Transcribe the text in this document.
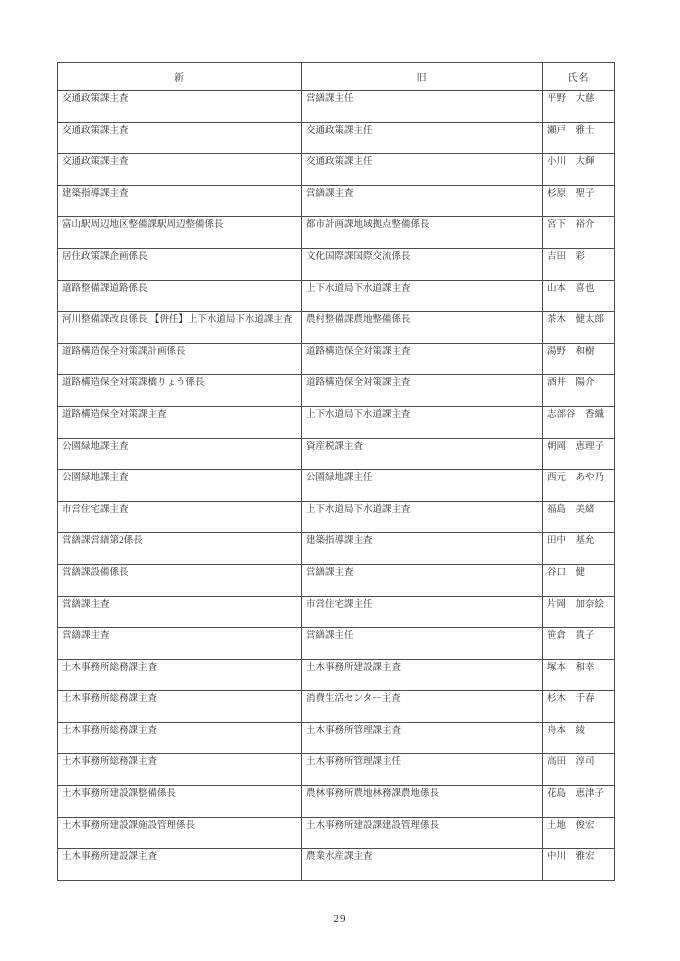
新	旧	氏名
交通政策課主査	営繕課主任	平野　大慈
交通政策課主査	交通政策課主任	瀬戸　雅士
交通政策課主査	交通政策課主任	小川　大輝
建築指導課主査	営繕課主査	杉原　聖子
富山駅周辺地区整備課駅周辺整備係長	都市計画課地域拠点整備係長	宮下　裕介
居住政策課企画係長	文化国際課国際交流係長	吉田　彩
道路整備課道路係長	上下水道局下水道課主査	山本　喜也
河川整備課改良係長 【併任】上下水道局下水道課主査	農村整備課農地整備係長	茶木　健太郎
道路構造保全対策課計画係長	道路構造保全対策課主査	湯野　和樹
道路構造保全対策課橋りょう係長	道路構造保全対策課主査	酒井　陽介
道路構造保全対策課主査	上下水道局下水道課主査	志部谷　香織
公園緑地課主査	資産税課主査	朝岡　恵理子
公園緑地課主査	公園緑地課主任	西元　あや乃
市営住宅課主査	上下水道局下水道課主査	福島　美緒
営繕課営繕第2係長	建築指導課主査	田中　基允
営繕課設備係長	営繕課主査	谷口　健
営繕課主査	市営住宅課主任	片岡　加奈絵
営繕課主査	営繕課主任	笹倉　貴子
土木事務所総務課主査	土木事務所建設課主査	塚本　和幸
土木事務所総務課主査	消費生活センター主査	杉木　千春
土木事務所総務課主査	土木事務所管理課主査	舟本　綾
土木事務所総務課主査	土木事務所管理課主任	高田　淳司
土木事務所建設課整備係長	農林事務所農地林務課農地係長	花島　恵津子
土木事務所建設課施設管理係長	土木事務所建設課建設管理係長	土地　俊宏
土木事務所建設課主査	農業水産課主査	中川　雅宏
29
